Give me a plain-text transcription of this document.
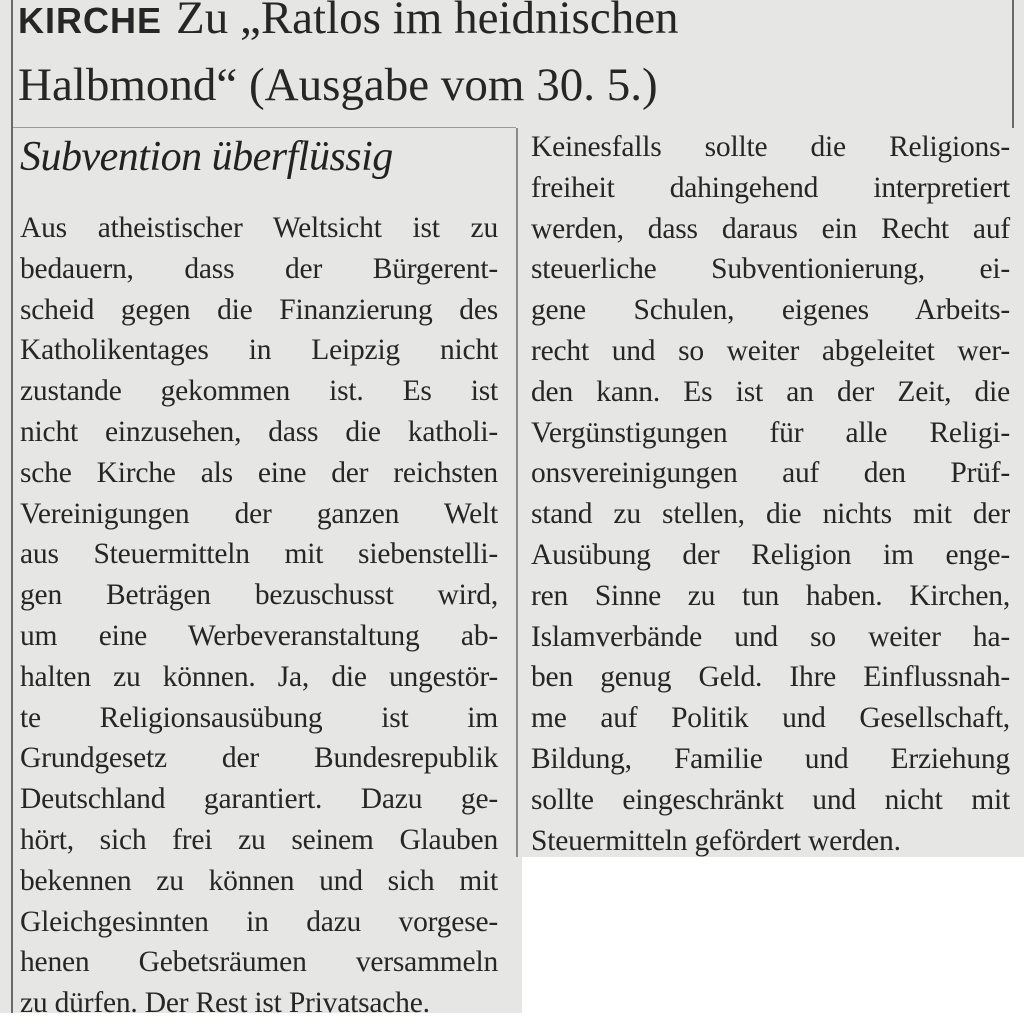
KIRCHE Zu „Ratlos im heidnischen
Halbmond“ (Ausgabe vom 30. 5.)
Subvention überflüssig
Aus atheistischer Weltsicht ist zu
bedauern, dass der Bürgerent-
scheid gegen die Finanzierung des
Katholikentages in Leipzig nicht
zustande gekommen ist. Es ist
nicht einzusehen, dass die katholi-
sche Kirche als eine der reichsten
Vereinigungen der ganzen Welt
aus Steuermitteln mit siebenstelli-
gen Beträgen bezuschusst wird,
um eine Werbeveranstaltung ab-
halten zu können. Ja, die ungestör-
te Religionsausübung ist im
Grundgesetz der Bundesrepublik
Deutschland garantiert. Dazu ge-
hört, sich frei zu seinem Glauben
bekennen zu können und sich mit
Gleichgesinnten in dazu vorgese-
henen Gebetsräumen versammeln
zu dürfen. Der Rest ist Privatsache.
Keinesfalls sollte die Religions-
freiheit dahingehend interpretiert
werden, dass daraus ein Recht auf
steuerliche Subventionierung, ei-
gene Schulen, eigenes Arbeits-
recht und so weiter abgeleitet wer-
den kann. Es ist an der Zeit, die
Vergünstigungen für alle Religi-
onsvereinigungen auf den Prüf-
stand zu stellen, die nichts mit der
Ausübung der Religion im enge-
ren Sinne zu tun haben. Kirchen,
Islamverbände und so weiter ha-
ben genug Geld. Ihre Einflussnah-
me auf Politik und Gesellschaft,
Bildung, Familie und Erziehung
sollte eingeschränkt und nicht mit
Steuermitteln gefördert werden.
